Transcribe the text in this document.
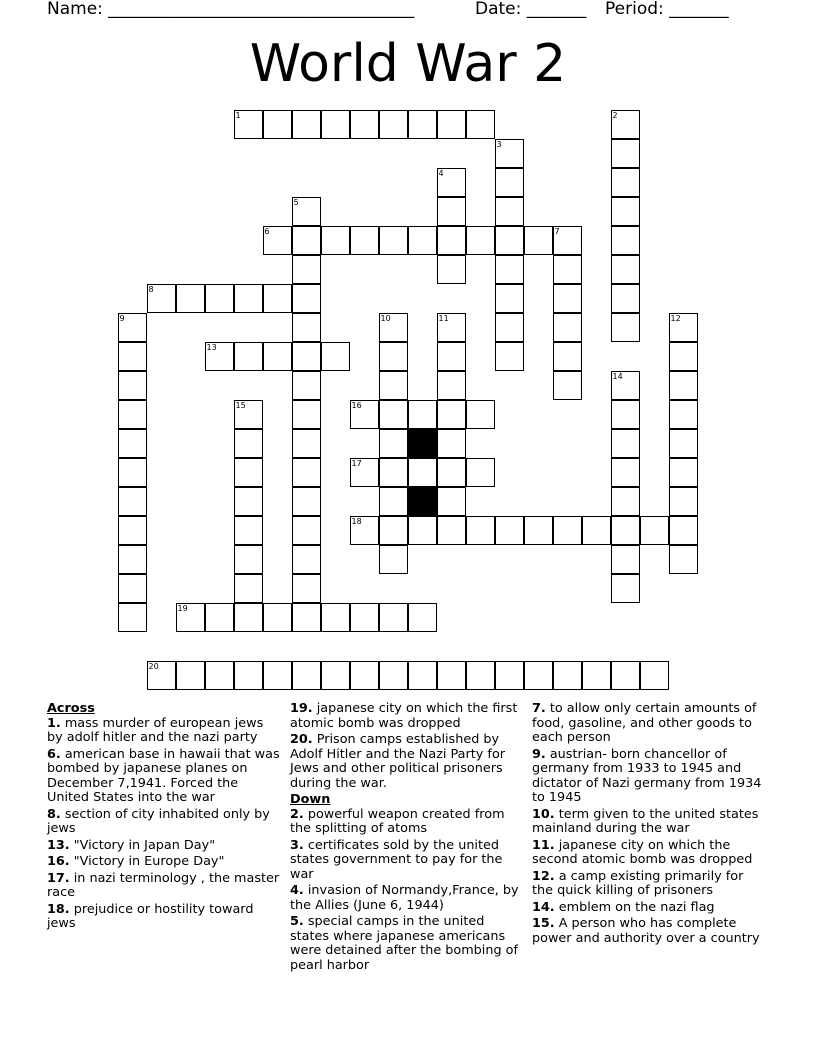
Name: ____________________________________	Date: _______ Period: _______
World War 2
1	2
3
4
5
6	7
8
9	10	11	12
13
14
15	16
17
18
19
20
Across
1. mass murder of european jews by adolf hitler and the nazi party
6. american base in hawaii that was bombed by japanese planes on December 7,1941. Forced the United States into the war
8. section of city inhabited only by jews
13. "Victory in Japan Day"
16. "Victory in Europe Day"
17. in nazi terminology , the master race
18. prejudice or hostility toward jews
19. japanese city on which the first atomic bomb was dropped
20. Prison camps established by Adolf Hitler and the Nazi Party for Jews and other political prisoners during the war.
Down
2. powerful weapon created from the splitting of atoms
3. certificates sold by the united states government to pay for the war
4. invasion of Normandy,France, by the Allies (June 6, 1944)
5. special camps in the united states where japanese americans were detained after the bombing of pearl harbor
7. to allow only certain amounts of food, gasoline, and other goods to each person
9. austrian- born chancellor of germany from 1933 to 1945 and dictator of Nazi germany from 1934 to 1945
10. term given to the united states mainland during the war
11. japanese city on which the second atomic bomb was dropped
12. a camp existing primarily for the quick killing of prisoners
14. emblem on the nazi flag
15. A person who has complete power and authority over a country
